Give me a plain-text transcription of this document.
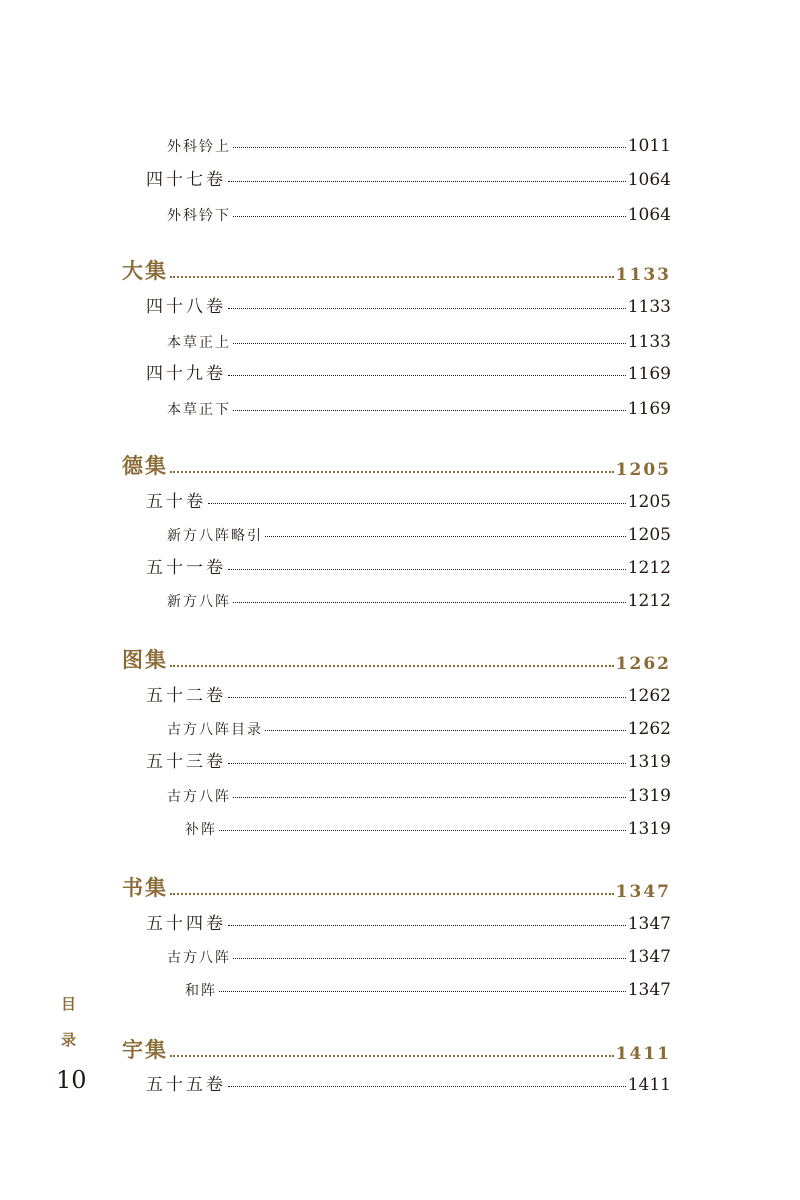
外科钤上	1011
四十七卷	1064
外科钤下	1064
大集	1133
四十八卷	1133
本草正上	1133
四十九卷	1169
本草正下	1169
德集	1205
五十卷	1205
新方八阵略引	1205
五十一卷	1212
新方八阵	1212
图集	1262
五十二卷	1262
古方八阵目录	1262
五十三卷	1319
古方八阵	1319
补阵	1319
书集	1347
五十四卷	1347
古方八阵	1347
和阵	1347
宇集	1411
五十五卷	1411
目
录
10
